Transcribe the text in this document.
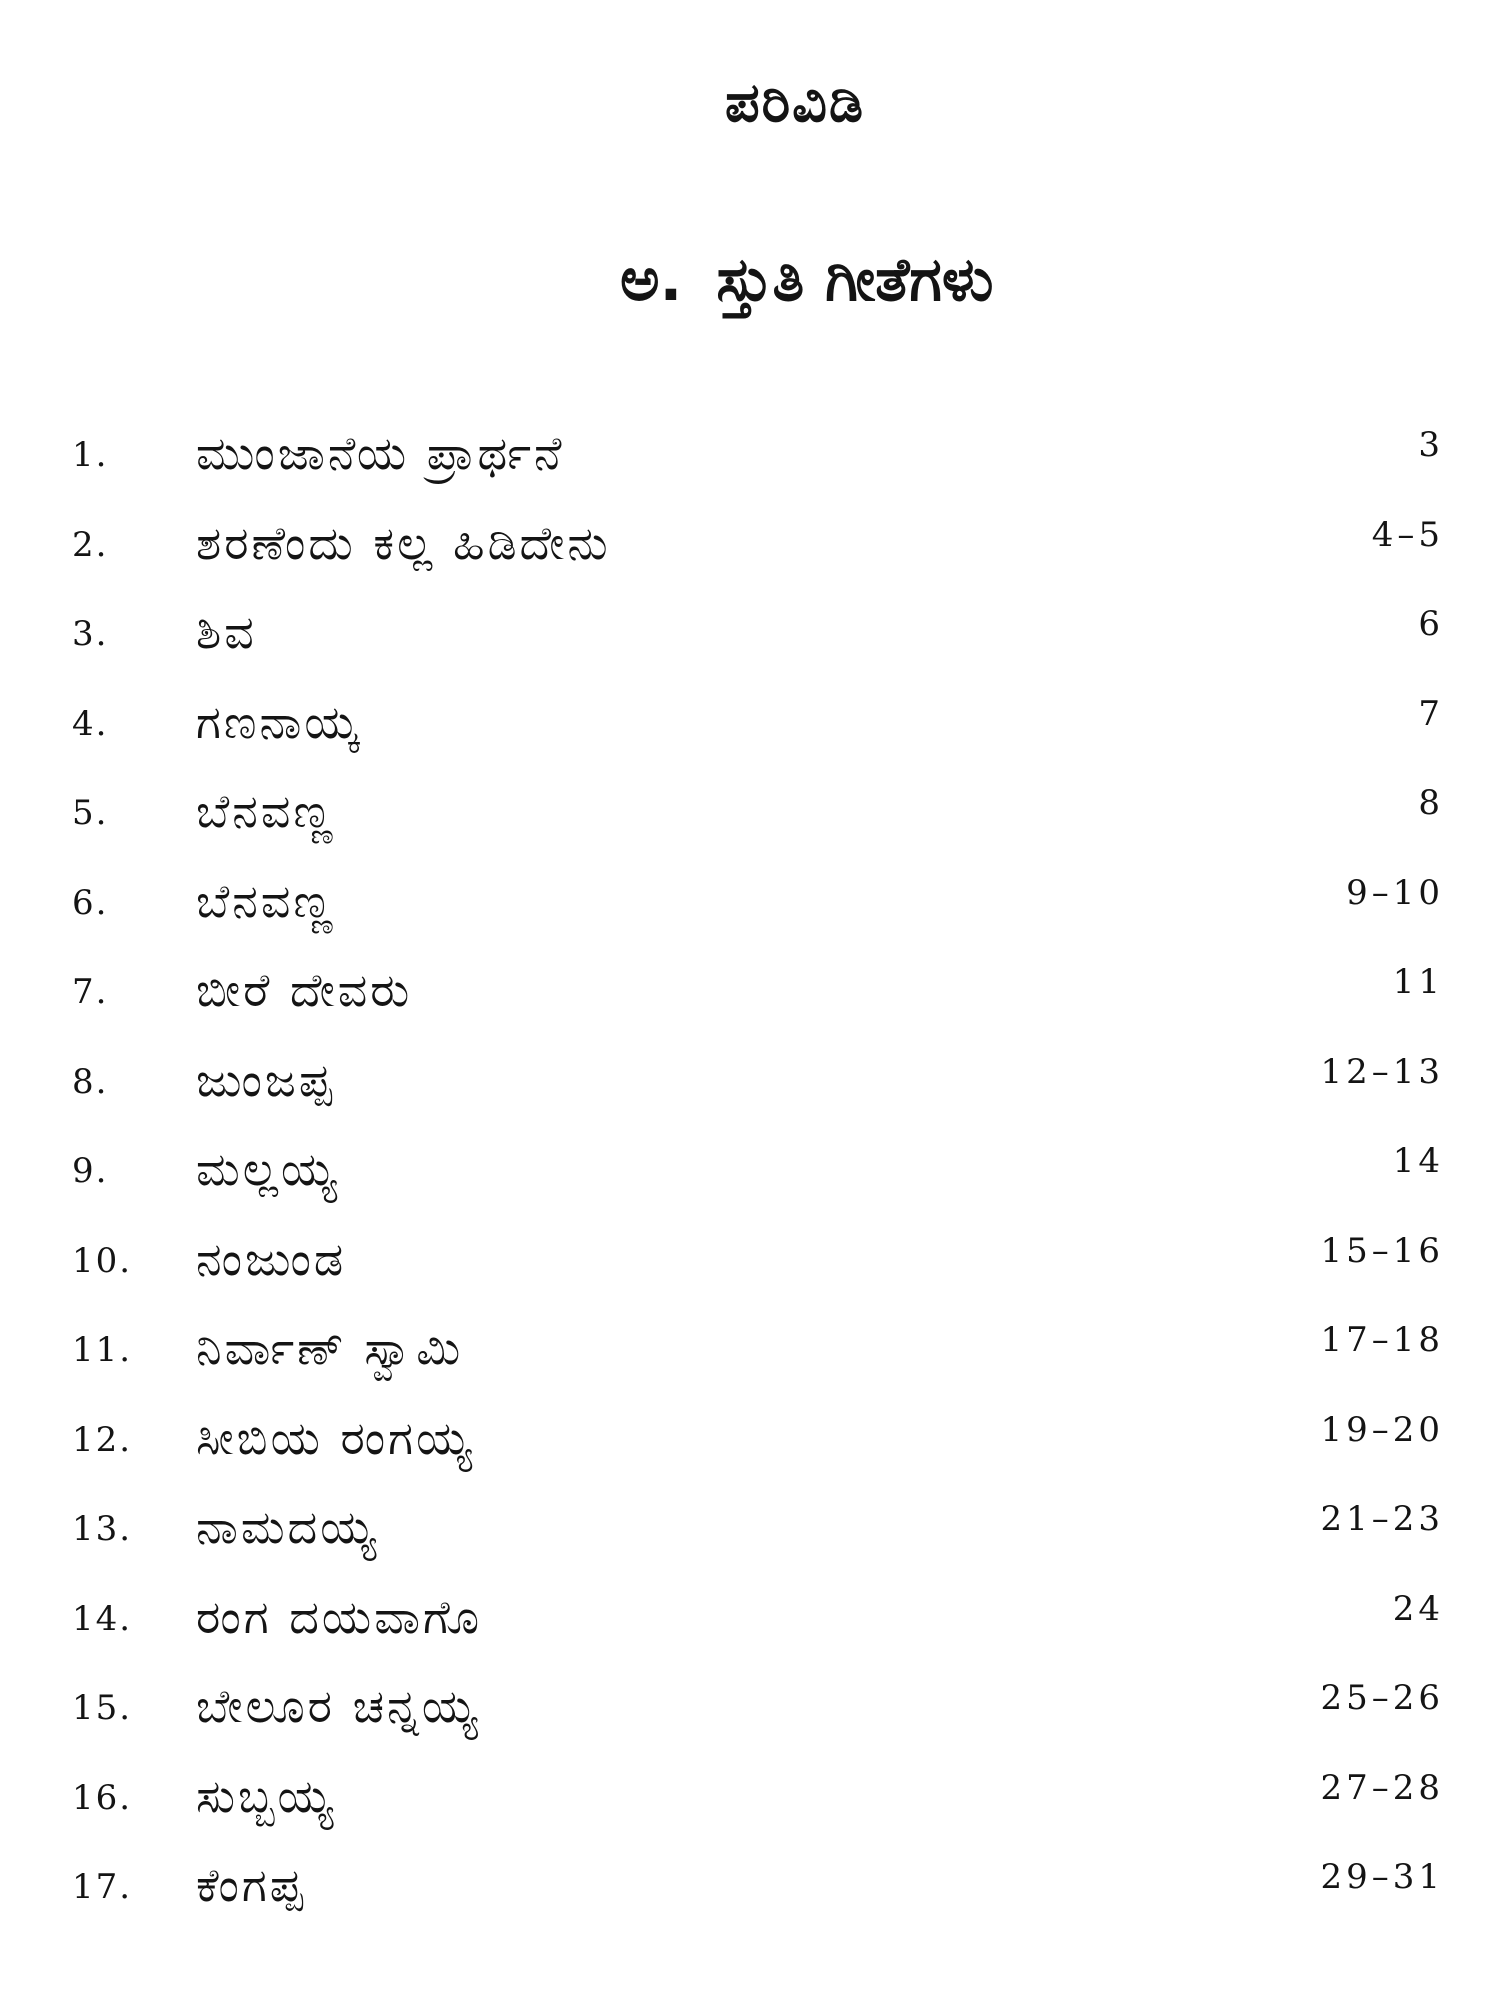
ಪರಿವಿಡಿ
ಅ. ಸ್ತುತಿ ಗೀತೆಗಳು
1. ಮುಂಜಾನೆಯ ಪ್ರಾರ್ಥನೆ	3
2. ಶರಣೆಂದು ಕಲ್ಲ ಹಿಡಿದೇನು	4–5
3. ಶಿವ	6
4. ಗಣನಾಯ್ಕ	7
5. ಬೆನವಣ್ಣ	8
6. ಬೆನವಣ್ಣ	9–10
7. ಬೀರೆ ದೇವರು	11
8. ಜುಂಜಪ್ಪ	12–13
9. ಮಲ್ಲಯ್ಯ	14
10. ನಂಜುಂಡ	15–16
11. ನಿರ್ವಾಣ್ ಸ್ವಾಮಿ	17–18
12. ಸೀಬಿಯ ರಂಗಯ್ಯ	19–20
13. ನಾಮದಯ್ಯ	21–23
14. ರಂಗ ದಯವಾಗೊ	24
15. ಬೇಲೂರ ಚನ್ನಯ್ಯ	25–26
16. ಸುಬ್ಬಯ್ಯ	27–28
17. ಕೆಂಗಪ್ಪ	29–31
